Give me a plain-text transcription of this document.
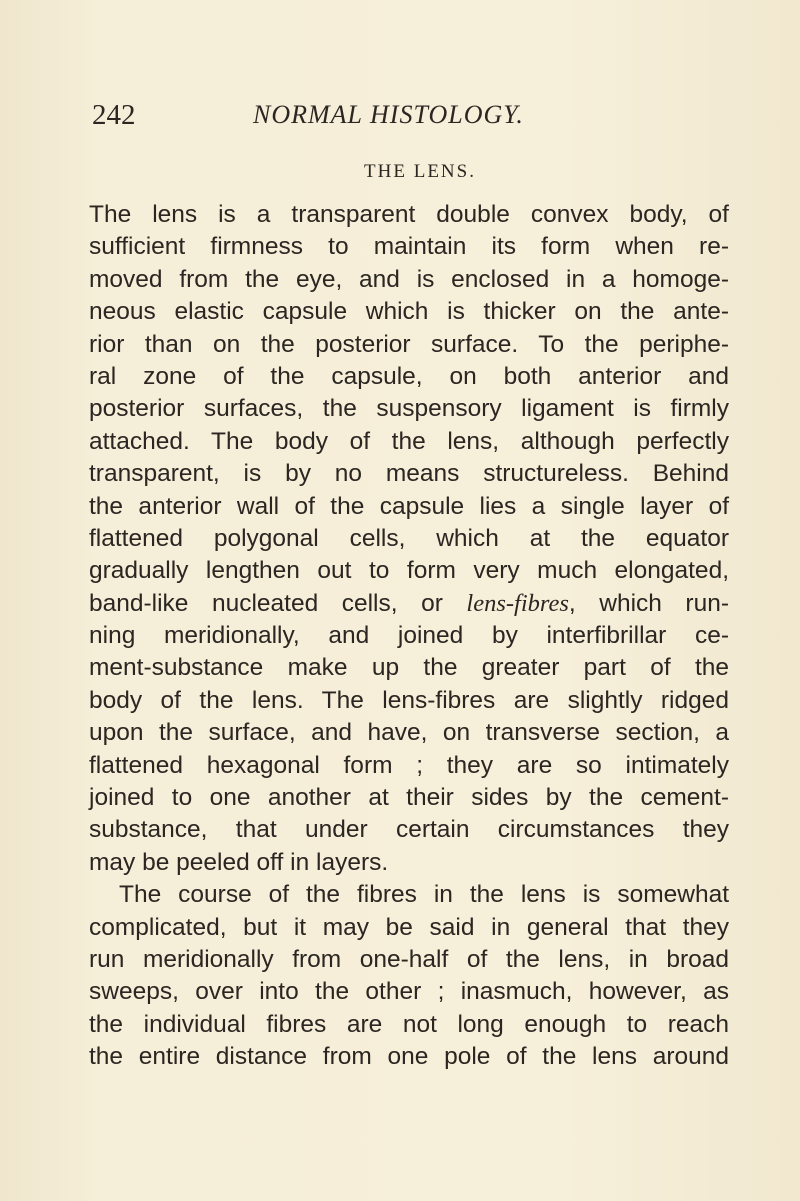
242	NORMAL HISTOLOGY.
THE LENS.
The lens is a transparent double convex body, of
sufficient firmness to maintain its form when re-
moved from the eye, and is enclosed in a homoge-
neous elastic capsule which is thicker on the ante-
rior than on the posterior surface. To the periphe-
ral zone of the capsule, on both anterior and
posterior surfaces, the suspensory ligament is firmly
attached. The body of the lens, although perfectly
transparent, is by no means structureless. Behind
the anterior wall of the capsule lies a single layer of
flattened polygonal cells, which at the equator
gradually lengthen out to form very much elongated,
band-like nucleated cells, or lens-fibres, which run-
ning meridionally, and joined by interfibrillar ce-
ment-substance make up the greater part of the
body of the lens. The lens-fibres are slightly ridged
upon the surface, and have, on transverse section, a
flattened hexagonal form ; they are so intimately
joined to one another at their sides by the cement-
substance, that under certain circumstances they
may be peeled off in layers.
The course of the fibres in the lens is somewhat
complicated, but it may be said in general that they
run meridionally from one-half of the lens, in broad
sweeps, over into the other ; inasmuch, however, as
the individual fibres are not long enough to reach
the entire distance from one pole of the lens around
